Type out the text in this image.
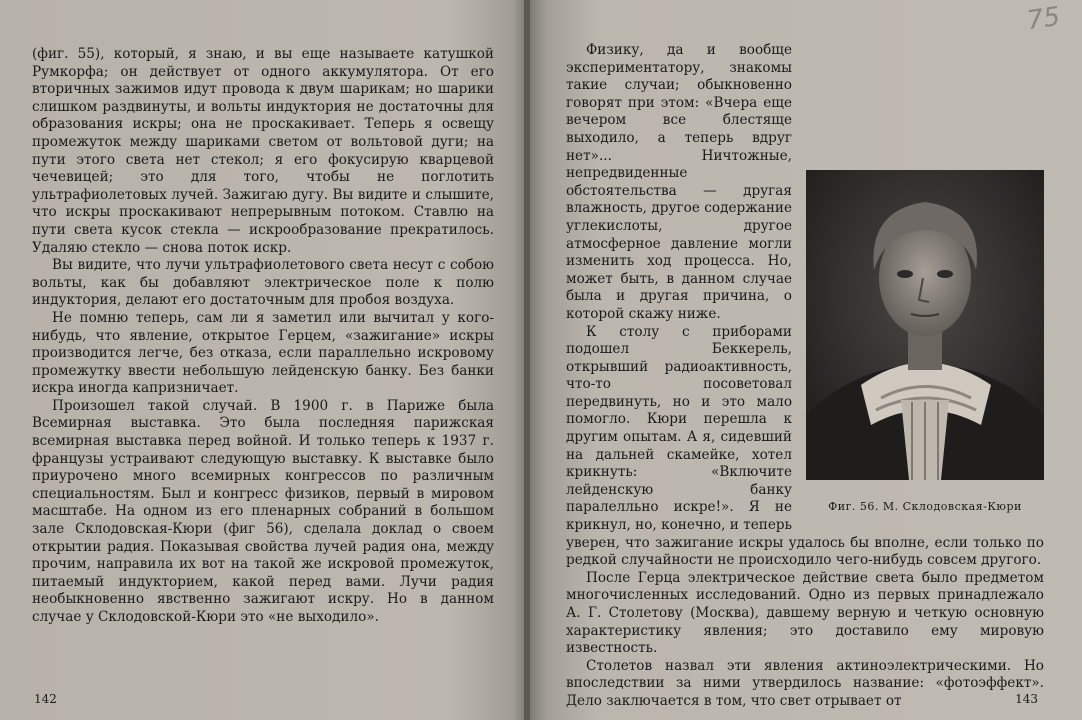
(фиг. 55), который, я знаю, и вы еще называете катушкой Румкорфа; он действует от одного аккумулятора. От его вторичных зажимов идут провода к двум шарикам; но шарики слишком раздвинуты, и вольты индуктория не достаточны для образования искры; она не проскакивает. Теперь я освещу промежуток между шариками светом от вольтовой дуги; на пути этого света нет стекол; я его фокусирую кварцевой чечевицей; это для того, чтобы не поглотить ультрафиолетовых лучей. Зажигаю дугу. Вы видите и слышите, что искры проскакивают непрерывным потоком. Ставлю на пути света кусок стекла — искрообразование прекратилось. Удаляю стекло — снова поток искр.

Вы видите, что лучи ультрафиолетового света несут с собою вольты, как бы добавляют электрическое поле к полю индуктория, делают его достаточным для пробоя воздуха.

Не помню теперь, сам ли я заметил или вычитал у кого-нибудь, что явление, открытое Герцем, «зажигание» искры производится легче, без отказа, если параллельно искровому промежутку ввести небольшую лейденскую банку. Без банки искра иногда капризничает.

Произошел такой случай. В 1900 г. в Париже была Всемирная выставка. Это была последняя парижская всемирная выставка перед войной. И только теперь к 1937 г. французы устраивают следующую выставку. К выставке было приурочено много всемирных конгрессов по различным специальностям. Был и конгресс физиков, первый в мировом масштабе. На одном из его пленарных собраний в большом зале Склодовская-Кюри (фиг 56), сделала доклад о своем открытии радия. Показывая свойства лучей радия она, между прочим, направила их вот на такой же искровой промежуток, питаемый индукторием, какой перед вами. Лучи радия необыкновенно явственно зажигают искру. Но в данном случае у Склодовской-Кюри это «не выходило».

142
75
Фиг. 56. М. Склодовская-Кюри

Физику, да и вообще экспериментатору, знакомы такие случаи; обыкновенно говорят при этом: «Вчера еще вечером все блестяще выходило, а теперь вдруг нет»... Ничтожные, непредвиденные обстоятельства — другая влажность, другое содержание углекислоты, другое атмосферное давление могли изменить ход процесса. Но, может быть, в данном случае была и другая причина, о которой скажу ниже.

К столу с приборами подошел Беккерель, открывший радиоактивность, что-то посоветовал передвинуть, но и это мало помогло. Кюри перешла к другим опытам. А я, сидевший на дальней скамейке, хотел крикнуть: «Включите лейденскую банку паралелльно искре!». Я не крикнул, но, конечно, и теперь уверен, что зажигание искры удалось бы вполне, если только по редкой случайности не происходило чего-нибудь совсем другого.

После Герца электрическое действие света было предметом многочисленных исследований. Одно из первых принадлежало А. Г. Столетову (Москва), давшему верную и четкую основную характеристику явления; это доставило ему мировую известность.

Столетов назвал эти явления актиноэлектрическими. Но впоследствии за ними утвердилось название: «фотоэффект». Дело заключается в том, что свет отрывает от	143
